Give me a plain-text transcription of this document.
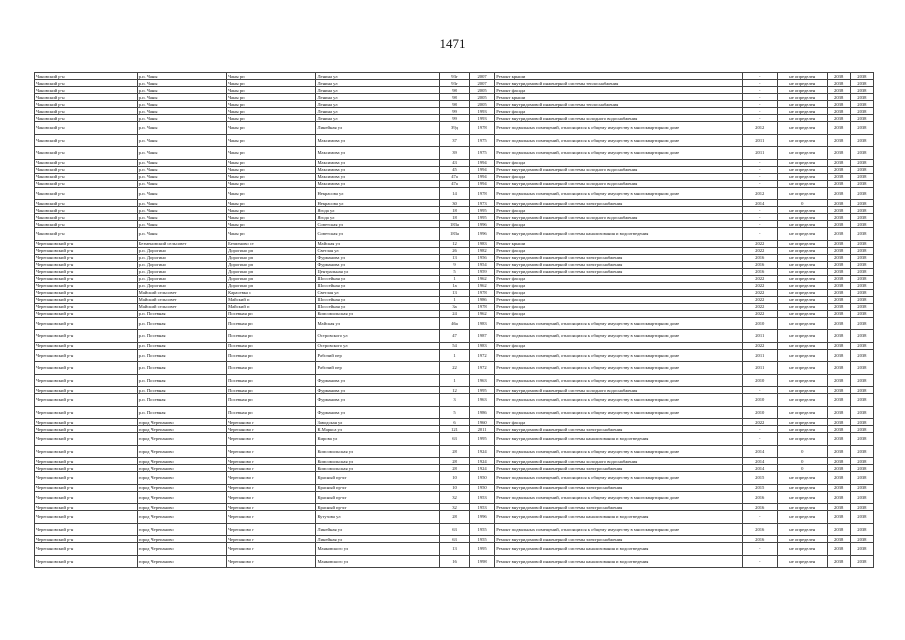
1471
Чановский р-н	р.п. Чаны	Чаны рп	Ленина ул	93г	2007	Ремонт крыши	-	не определен	2038	2038
Чановский р-н	р.п. Чаны	Чаны рп	Ленина ул	93г	2007	Ремонт внутридомовой инженерной системы теплоснабжения	-	не определен	2038	2038
Чановский р-н	р.п. Чаны	Чаны рп	Ленина ул	98	2005	Ремонт фасада	-	не определен	2038	2038
Чановский р-н	р.п. Чаны	Чаны рп	Ленина ул	98	2005	Ремонт крыши	-	не определен	2038	2038
Чановский р-н	р.п. Чаны	Чаны рп	Ленина ул	98	2005	Ремонт внутридомовой инженерной системы теплоснабжения	-	не определен	2038	2038
Чановский р-н	р.п. Чаны	Чаны рп	Ленина ул	99	1993	Ремонт фасада	-	не определен	2038	2038
Чановский р-н	р.п. Чаны	Чаны рп	Ленина ул	99	1993	Ремонт внутридомовой инженерной системы холодного водоснабжения	-	не определен	2038	2038
Чановский р-н	р.п. Чаны	Чаны рп	Линейная ул	39д	1978	Ремонт подвальных помещений, относящихся к общему имуществу в многоквартирном доме	2012	не определен	2038	2038
Чановский р-н	р.п. Чаны	Чаны рп	Максимова ул	37	1975	Ремонт подвальных помещений, относящихся к общему имуществу в многоквартирном доме	2011	не определен	2038	2038
Чановский р-н	р.п. Чаны	Чаны рп	Максимова ул	39	1975	Ремонт подвальных помещений, относящихся к общему имуществу в многоквартирном доме	2011	не определен	2038	2038
Чановский р-н	р.п. Чаны	Чаны рп	Максимова ул	43	1994	Ремонт фасада	-	не определен	2038	2038
Чановский р-н	р.п. Чаны	Чаны рп	Максимова ул	45	1994	Ремонт внутридомовой инженерной системы холодного водоснабжения	-	не определен	2038	2038
Чановский р-н	р.п. Чаны	Чаны рп	Максимова ул	47а	1994	Ремонт фасада	-	не определен	2038	2038
Чановский р-н	р.п. Чаны	Чаны рп	Максимова ул	47а	1994	Ремонт внутридомовой инженерной системы холодного водоснабжения	-	не определен	2038	2038
Чановский р-н	р.п. Чаны	Чаны рп	Некрасова ул	14	1978	Ремонт подвальных помещений, относящихся к общему имуществу в многоквартирном доме	2012	не определен	2038	2038
Чановский р-н	р.п. Чаны	Чаны рп	Некрасова ул	30	1973	Ремонт внутридомовой инженерной системы электроснабжения	2014	0	2038	2038
Чановский р-н	р.п. Чаны	Чаны рп	Ягода ул	18	1995	Ремонт фасада	-	не определен	2038	2038
Чановский р-н	р.п. Чаны	Чаны рп	Ягода ул	18	1995	Ремонт внутридомовой инженерной системы холодного водоснабжения	-	не определен	2038	2038
Чановский р-н	р.п. Чаны	Чаны рп	Советская ул	183а	1996	Ремонт фасада	-	не определен	2038	2038
Чановский р-н	р.п. Чаны	Чаны рп	Советская ул	183а	1996	Ремонт внутридомовой инженерной системы канализования и водоотведения	-	не определен	2038	2038
Черепановский р-н	Безменовский сельсовет	Безменово ст	Майская ул	12	1983	Ремонт крыши	2022	не определен	2038	2038
Черепановский р-н	р.п. Дорогино	Дорогино рп	Светлая ул	26	1982	Ремонт фасада	2022	не определен	2038	2038
Черепановский р-н	р.п. Дорогино	Дорогино рп	Фурманова ул	13	1956	Ремонт внутридомовой инженерной системы электроснабжения	2016	не определен	2038	2038
Черепановский р-н	р.п. Дорогино	Дорогино рп	Фурманова ул	9	1954	Ремонт внутридомовой инженерной системы электроснабжения	2016	не определен	2038	2038
Черепановский р-н	р.п. Дорогино	Дорогино рп	Центральная ул	5	1959	Ремонт внутридомовой инженерной системы электроснабжения	2016	не определен	2038	2038
Черепановский р-н	р.п. Дорогино	Дорогино рп	Шоссейная ул	1	1962	Ремонт фасада	2022	не определен	2038	2038
Черепановский р-н	р.п. Дорогино	Дорогино рп	Шоссейная ул	1а	1962	Ремонт фасада	2022	не определен	2038	2038
Черепановский р-н	Майский сельсовет	Карасевка с	Светлая ул	13	1978	Ремонт фасада	2022	не определен	2038	2038
Черепановский р-н	Майский сельсовет	Майский п	Шоссейная ул	1	1986	Ремонт фасада	2022	не определен	2038	2038
Черепановский р-н	Майский сельсовет	Майский п	Шоссейная ул	3а	1978	Ремонт фасада	2022	не определен	2038	2038
Черепановский р-н	р.п. Посевная	Посевная рп	Комсомольская ул	24	1962	Ремонт фасада	2022	не определен	2038	2038
Черепановский р-н	р.п. Посевная	Посевная рп	Майская ул	46а	1983	Ремонт подвальных помещений, относящихся к общему имуществу в многоквартирном доме	2010	не определен	2038	2038
Черепановский р-н	р.п. Посевная	Посевная рп	Островского ул	47	1987	Ремонт подвальных помещений, относящихся к общему имуществу в многоквартирном доме	2011	не определен	2038	2038
Черепановский р-н	р.п. Посевная	Посевная рп	Островского ул	54	1983	Ремонт фасада	2022	не определен	2038	2038
Черепановский р-н	р.п. Посевная	Посевная рп	Рабочий пер	1	1972	Ремонт подвальных помещений, относящихся к общему имуществу в многоквартирном доме	2011	не определен	2038	2038
Черепановский р-н	р.п. Посевная	Посевная рп	Рабочий пер	22	1972	Ремонт подвальных помещений, относящихся к общему имуществу в многоквартирном доме	2011	не определен	2038	2038
Черепановский р-н	р.п. Посевная	Посевная рп	Фурманова ул	1	1963	Ремонт подвальных помещений, относящихся к общему имуществу в многоквартирном доме	2010	не определен	2038	2038
Черепановский р-н	р.п. Посевная	Посевная рп	Фурманова ул	12	1995	Ремонт внутридомовой инженерной системы холодного водоснабжения	-	не определен	2038	2038
Черепановский р-н	р.п. Посевная	Посевная рп	Фурманова ул	3	1963	Ремонт подвальных помещений, относящихся к общему имуществу в многоквартирном доме	2010	не определен	2038	2038
Черепановский р-н	р.п. Посевная	Посевная рп	Фурманова ул	5	1986	Ремонт подвальных помещений, относящихся к общему имуществу в многоквартирном доме	2010	не определен	2038	2038
Черепановский р-н	город Черепаново	Черепаново г	Заводская ул	6	1960	Ремонт фасада	2022	не определен	2038	2038
Черепановский р-н	город Черепаново	Черепаново г	К.Маркса ул	121	2011	Ремонт внутридомовой инженерной системы электроснабжения	-	не определен	2038	2038
Черепановский р-н	город Черепаново	Черепаново г	Кирова ул	63	1995	Ремонт внутридомовой инженерной системы канализования и водоотведения	-	не определен	2038	2038
Черепановский р-н	город Черепаново	Черепаново г	Комсомольская ул	28	1924	Ремонт подвальных помещений, относящихся к общему имуществу в многоквартирном доме	2014	0	2038	2038
Черепановский р-н	город Черепаново	Черепаново г	Комсомольская ул	28	1924	Ремонт внутридомовой инженерной системы холодного водоснабжения	2014	0	2038	2038
Черепановский р-н	город Черепаново	Черепаново г	Комсомольская ул	28	1924	Ремонт внутридомовой инженерной системы электроснабжения	2014	0	2038	2038
Черепановский р-н	город Черепаново	Черепаново г	Красный пр-кт	10	1950	Ремонт подвальных помещений, относящихся к общему имуществу в многоквартирном доме	2015	не определен	2038	2038
Черепановский р-н	город Черепаново	Черепаново г	Красный пр-кт	10	1950	Ремонт внутридомовой инженерной системы электроснабжения	2015	не определен	2038	2038
Черепановский р-н	город Черепаново	Черепаново г	Красный пр-кт	32	1953	Ремонт подвальных помещений, относящихся к общему имуществу в многоквартирном доме	2016	не определен	2038	2038
Черепановский р-н	город Черепаново	Черепаново г	Красный пр-кт	32	1953	Ремонт внутридомовой инженерной системы электроснабжения	2016	не определен	2038	2038
Черепановский р-н	город Черепаново	Черепаново г	Кутузова ул	28	1996	Ремонт внутридомовой инженерной системы канализования и водоотведения	-	не определен	2038	2038
Черепановский р-н	город Черепаново	Черепаново г	Линейная ул	63	1955	Ремонт подвальных помещений, относящихся к общему имуществу в многоквартирном доме	2016	не определен	2038	2038
Черепановский р-н	город Черепаново	Черепаново г	Линейная ул	63	1955	Ремонт внутридомовой инженерной системы электроснабжения	2016	не определен	2038	2038
Черепановский р-н	город Черепаново	Черепаново г	Маяковского ул	13	1995	Ремонт внутридомовой инженерной системы канализования и водоотведения	-	не определен	2038	2038
Черепановский р-н	город Черепаново	Черепаново г	Маяковского ул	16	1998	Ремонт внутридомовой инженерной системы канализования и водоотведения	-	не определен	2038	2038
